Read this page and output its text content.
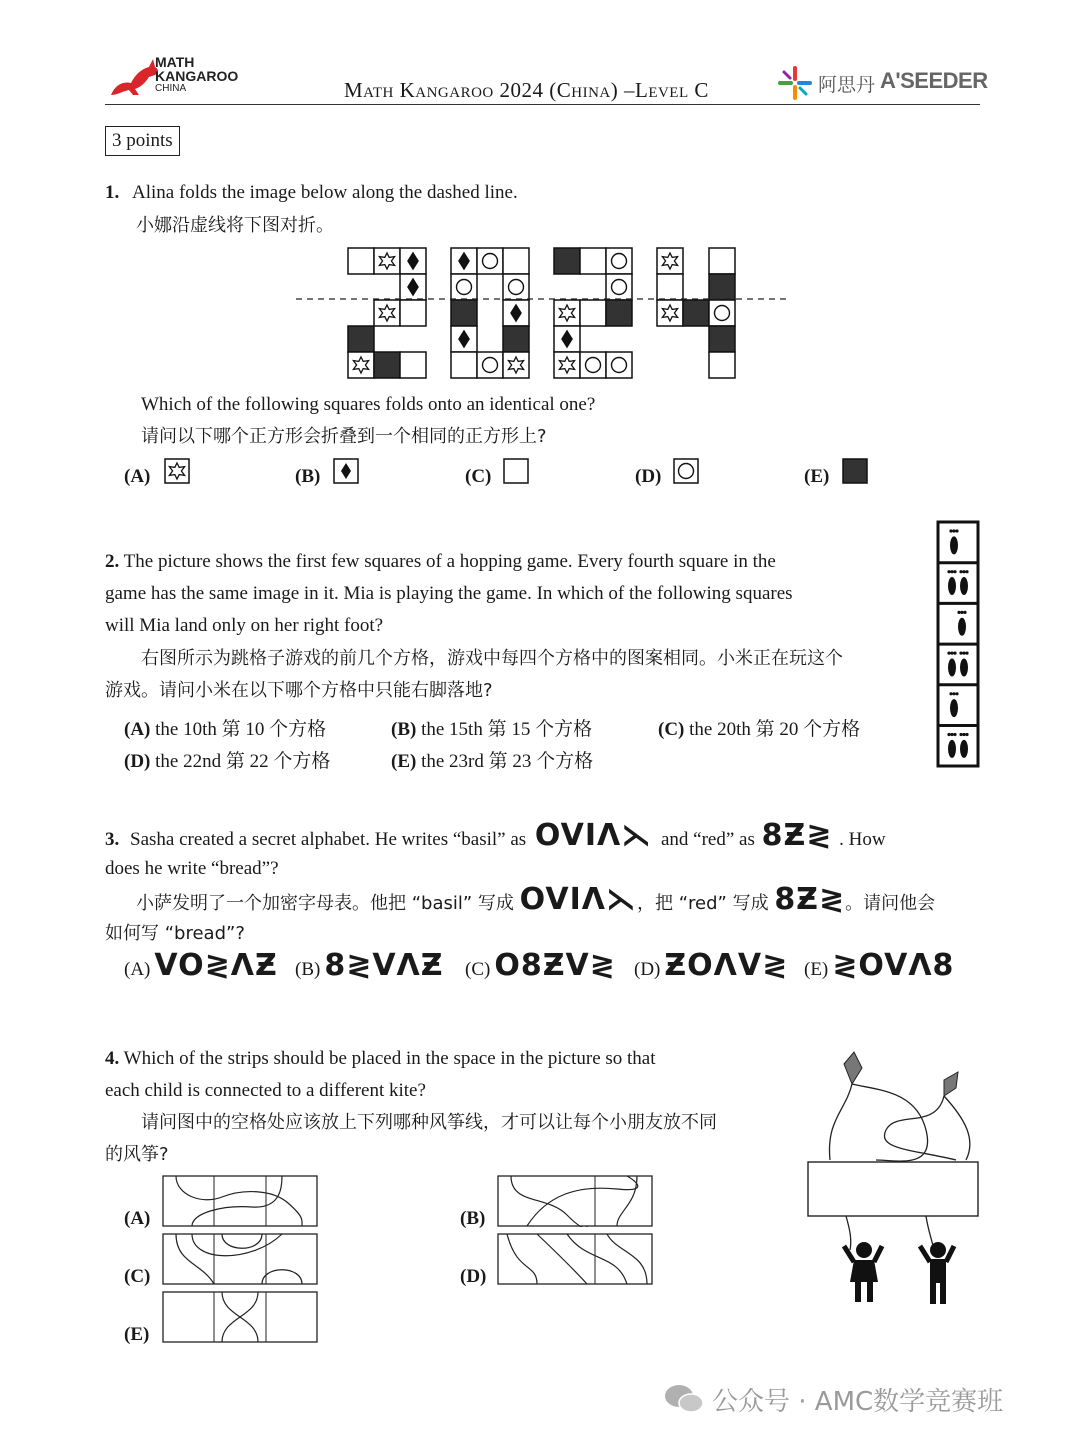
MATH
KANGAROO
CHINA	Math Kangaroo 2024 (China) –Level C	阿思丹 A'SEEDER
3 points
1. Alina folds the image below along the dashed line.
小娜沿虚线将下图对折。
Which of the following squares folds onto an identical one?
请问以下哪个正方形会折叠到一个相同的正方形上?
(A)	(B)	(C)	(D)	(E)
2. The picture shows the first few squares of a hopping game. Every fourth square in the
game has the same image in it. Mia is playing the game. In which of the following squares
will Mia land only on her right foot?
右图所示为跳格子游戏的前几个方格，游戏中每四个方格中的图案相同。小米正在玩这个
游戏。请问小米在以下哪个方格中只能右脚落地?
(A) the 10th 第 10 个方格	(B) the 15th 第 15 个方格	(C) the 20th 第 20 个方格
(D) the 22nd 第 22 个方格	(E) the 23rd 第 23 个方格
3. Sasha created a secret alphabet. He writes “basil” as OVIΛ⋋ and “red” as 8Ƶ≷ . How
does he write “bread”?
小萨发明了一个加密字母表。他把 “basil” 写成 OVIΛ⋋，把 “red” 写成 8Ƶ≷。请问他会
如何写 “bread”?
(A) VO≷ΛƵ (B) 8≷VΛƵ (C) O8ƵV≷ (D) ƵOΛV≷ (E) ≷OVΛ8
4. Which of the strips should be placed in the space in the picture so that
each child is connected to a different kite?
请问图中的空格处应该放上下列哪种风筝线，才可以让每个小朋友放不同
的风筝?
(A)
(C)
(E)
(B)
(D)
公众号 · AMC数学竞赛班
